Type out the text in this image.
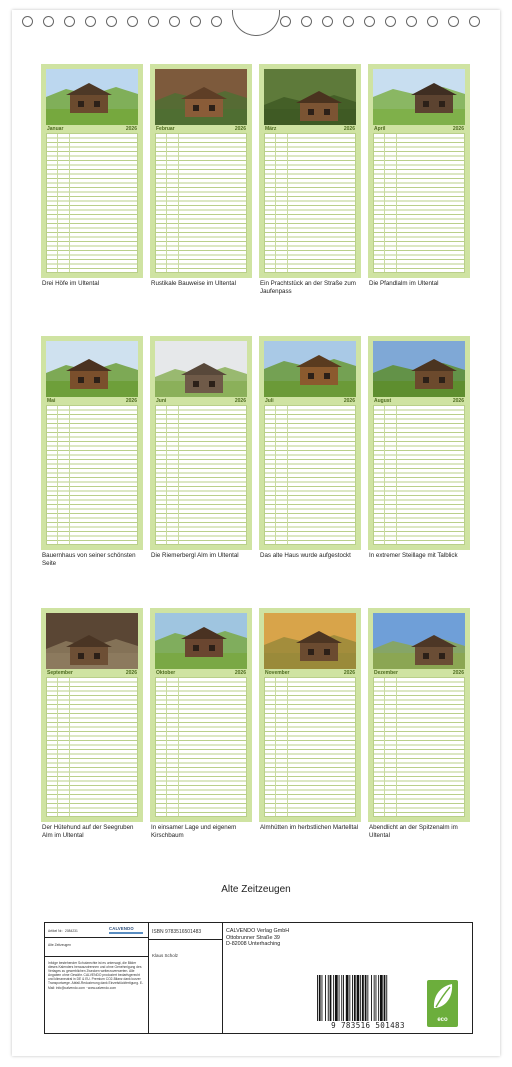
Januar	2026
Drei Höfe im Ultental
Februar	2026
Rustikale Bauweise im Ultental
März	2026
Ein Prachtstück an der Straße zum Jaufenpass
April	2026
Die Pfandlalm im Ultental
Mai	2026
Bauernhaus von seiner schönsten Seite
Juni	2026
Die Riemerbergl Alm im Ultental
Juli	2026
Das alte Haus wurde aufgestockt
August	2026
In extremer Steillage mit Talblick
September	2026
Der Hütehund auf der Seegruben Alm im Ultental
Oktober	2026
In einsamer Lage und eigenem Kirschbaum
November	2026
Almhütten im herbstlichen Martelltal
Dezember	2026
Abendlicht an der Spitzenalm im Ultental
Alte Zeitzeugen
Artikel Nr.: 2084231	CALVENDO
Alte Zeitzeugen
Infolge bestehender Schutzrechte ist es untersagt, die Bilder dieses Kalenders herauszutrennen und ohne Genehmigung des Verlages zu gewerblichen Zwecken weiterzuverwerten. Alle Angaben ohne Gewähr. CALVENDO produziert bedarfsgerecht und klimaneutral in DE & EU. Premium CO2-Bilanz dank kurzer Transportwege. Abfall-Reduzierung dank Einzelstückfertigung. E-Mail: info@calvendo.com · www.calvendo.com
ISBN 9783516501483
Klaus Scholz
CALVENDO Verlag GmbH
Ottobrunner Straße 39
D-82008 Unterhaching
9 783516 501483
eco
